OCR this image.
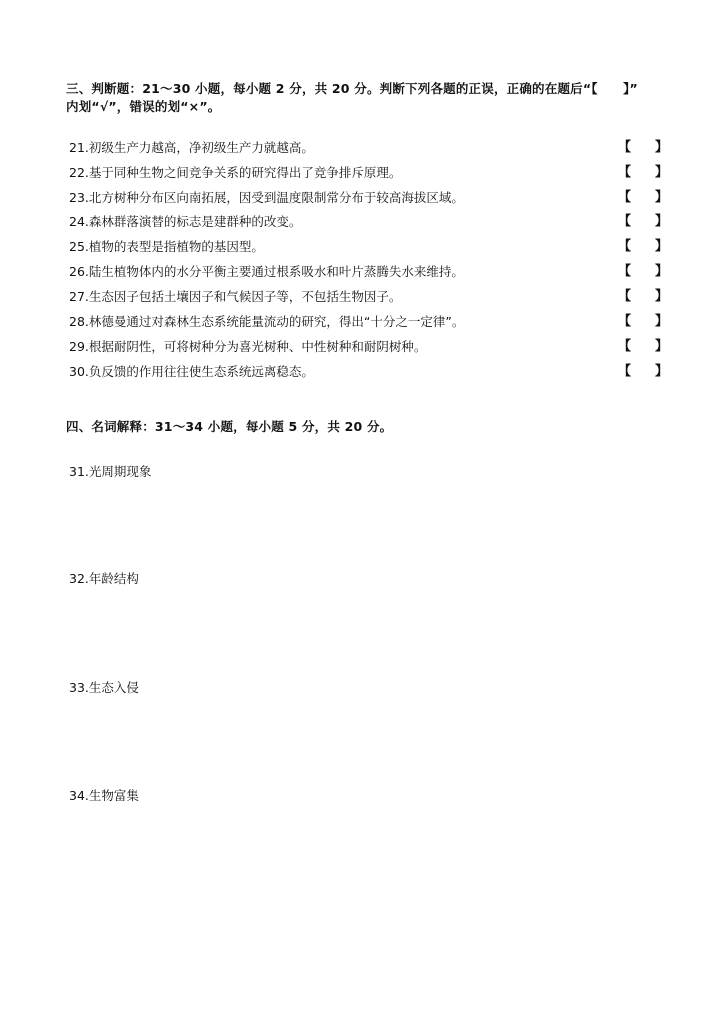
三、判断题：21～30 小题，每小题 2 分，共 20 分。判断下列各题的正误，正确的在题后“【　　】”
内划“√”，错误的划“×”。
21.初级生产力越高，净初级生产力就越高。	【 】
22.基于同种生物之间竞争关系的研究得出了竞争排斥原理。	【 】
23.北方树种分布区向南拓展，因受到温度限制常分布于较高海拔区域。	【 】
24.森林群落演替的标志是建群种的改变。	【 】
25.植物的表型是指植物的基因型。	【 】
26.陆生植物体内的水分平衡主要通过根系吸水和叶片蒸腾失水来维持。	【 】
27.生态因子包括土壤因子和气候因子等，不包括生物因子。	【 】
28.林德曼通过对森林生态系统能量流动的研究，得出“十分之一定律”。	【 】
29.根据耐阴性，可将树种分为喜光树种、中性树种和耐阴树种。	【 】
30.负反馈的作用往往使生态系统远离稳态。	【 】
四、名词解释：31～34 小题，每小题 5 分，共 20 分。
31.光周期现象
32.年龄结构
33.生态入侵
34.生物富集
